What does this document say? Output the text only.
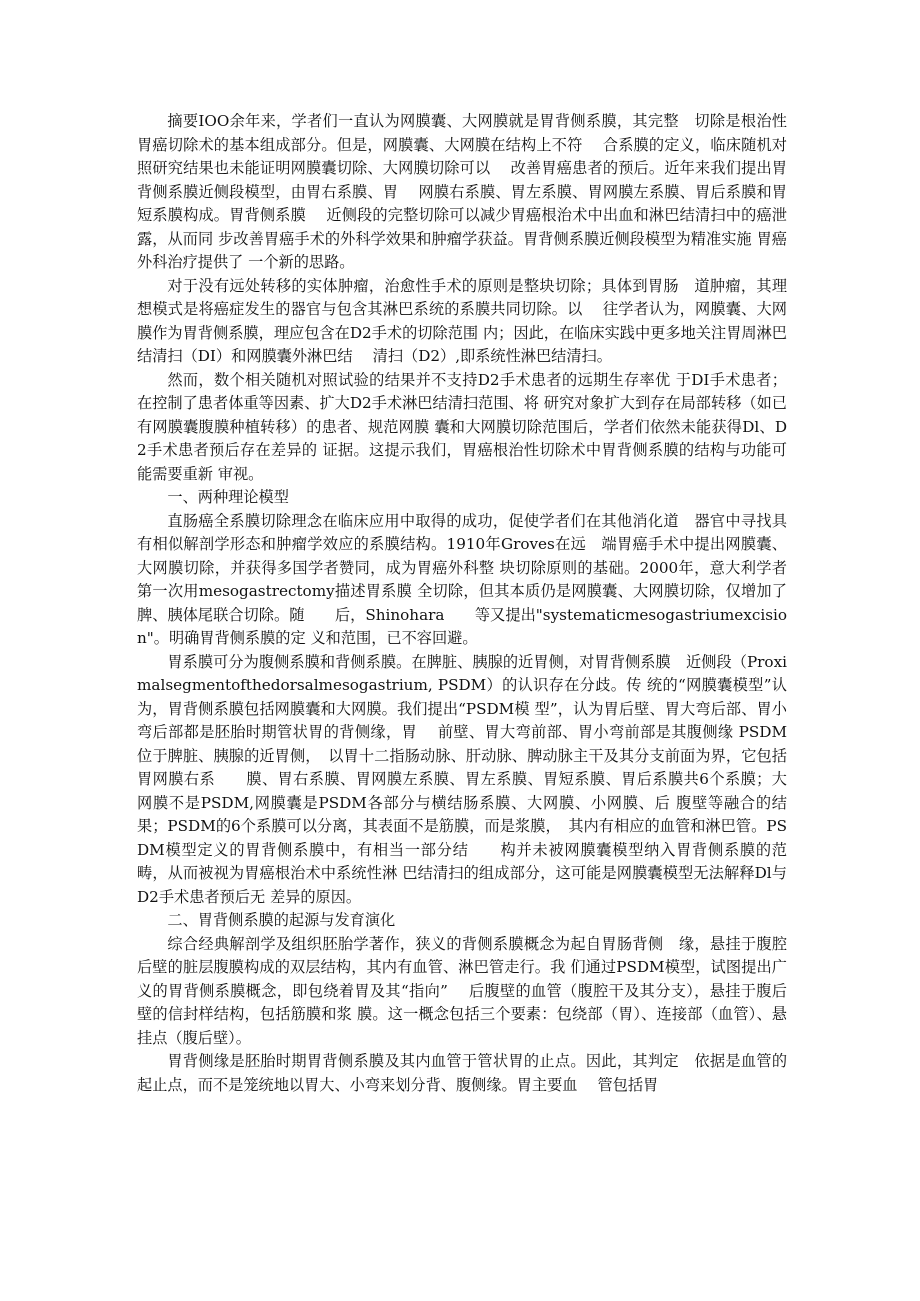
摘要IOO余年来，学者们一直认为网膜囊、大网膜就是胃背侧系膜，其完整　切除是根治性胃癌切除术的基本组成部分。但是，网膜囊、大网膜在结构上不符　 合系膜的定义，临床随机对照研究结果也未能证明网膜囊切除、大网膜切除可以　 改善胃癌患者的预后。近年来我们提出胃背侧系膜近侧段模型，由胃右系膜、胃　 网膜右系膜、胃左系膜、胃网膜左系膜、胃后系膜和胃短系膜构成。胃背侧系膜　 近侧段的完整切除可以减少胃癌根治术中出血和淋巴结清扫中的癌泄露，从而同 步改善胃癌手术的外科学效果和肿瘤学获益。胃背侧系膜近侧段模型为精准实施 胃癌外科治疗提供了 一个新的思路。

对于没有远处转移的实体肿瘤，治愈性手术的原则是整块切除；具体到胃肠　道肿瘤，其理想模式是将癌症发生的器官与包含其淋巴系统的系膜共同切除。以　 往学者认为，网膜囊、大网膜作为胃背侧系膜，理应包含在D2手术的切除范围 内；因此，在临床实践中更多地关注胃周淋巴结清扫（DI）和网膜囊外淋巴结　 清扫（D2）,即系统性淋巴结清扫。

然而，数个相关随机对照试验的结果并不支持D2手术患者的远期生存率优 于DI手术患者；在控制了患者体重等因素、扩大D2手术淋巴结清扫范围、将 研究对象扩大到存在局部转移（如已有网膜囊腹膜种植转移）的患者、规范网膜 囊和大网膜切除范围后，学者们依然未能获得Dl、D2手术患者预后存在差异的 证据。这提示我们，胃癌根治性切除术中胃背侧系膜的结构与功能可能需要重新 审视。

一、两种理论模型

直肠癌全系膜切除理念在临床应用中取得的成功，促使学者们在其他消化道　器官中寻找具有相似解剖学形态和肿瘤学效应的系膜结构。1910年Groves在远　端胃癌手术中提出网膜囊、大网膜切除，并获得多国学者赞同，成为胃癌外科整 块切除原则的基础。2000年，意大利学者第一次用mesogastrectomy描述胃系膜 全切除，但其本质仍是网膜囊、大网膜切除，仅增加了脾、胰体尾联合切除。随　　后，Shinohara　　等又提出"systematicmesogastriumexcision"。明确胃背侧系膜的定 义和范围，已不容回避。

胃系膜可分为腹侧系膜和背侧系膜。在脾脏、胰腺的近胃侧，对胃背侧系膜　近侧段（Proximalsegmentofthedorsalmesogastrium, PSDM）的认识存在分歧。传 统的“网膜囊模型”认为，胃背侧系膜包括网膜囊和大网膜。我们提出“PSDM模 型”，认为胃后壁、胃大弯后部、胃小弯后部都是胚胎时期管状胃的背侧缘，胃　 前壁、胃大弯前部、胃小弯前部是其腹侧缘 PSDM位于脾脏、胰腺的近胃侧，　以胃十二指肠动脉、肝动脉、脾动脉主干及其分支前面为界，它包括胃网膜右系　　膜、胃右系膜、胃网膜左系膜、胃左系膜、胃短系膜、胃后系膜共6个系膜；大 网膜不是PSDM,网膜囊是PSDM各部分与横结肠系膜、大网膜、小网膜、后 腹壁等融合的结果；PSDM的6个系膜可以分离，其表面不是筋膜，而是浆膜，　其内有相应的血管和淋巴管。PSDM模型定义的胃背侧系膜中，有相当一部分结　　构并未被网膜囊模型纳入胃背侧系膜的范畴，从而被视为胃癌根治术中系统性淋 巴结清扫的组成部分，这可能是网膜囊模型无法解释Dl与D2手术患者预后无 差异的原因。

二、胃背侧系膜的起源与发育演化

综合经典解剖学及组织胚胎学著作，狭义的背侧系膜概念为起自胃肠背侧　缘，悬挂于腹腔后壁的脏层腹膜构成的双层结构，其内有血管、淋巴管走行。我 们通过PSDM模型，试图提出广义的胃背侧系膜概念，即包绕着胃及其“指向”　 后腹壁的血管（腹腔干及其分支），悬挂于腹后壁的信封样结构，包括筋膜和浆 膜。这一概念包括三个要素：包绕部（胃）、连接部（血管）、悬挂点（腹后壁）。

胃背侧缘是胚胎时期胃背侧系膜及其内血管于管状胃的止点。因此，其判定　依据是血管的起止点，而不是笼统地以胃大、小弯来划分背、腹侧缘。胃主要血　 管包括胃
